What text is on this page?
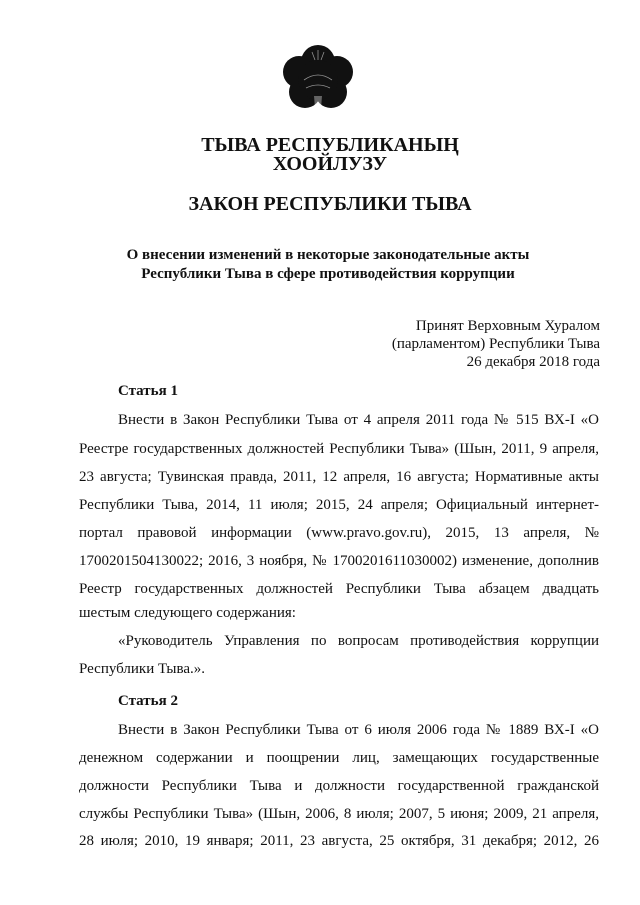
ТЫВА РЕСПУБЛИКАНЫҢ
ХООЙЛУЗУ
ЗАКОН РЕСПУБЛИКИ ТЫВА
О внесении изменений в некоторые законодательные акты
Республики Тыва в сфере противодействия коррупции
Принят Верховным Хуралом
(парламентом) Республики Тыва
26 декабря 2018 года
Статья 1
Внести в Закон Республики Тыва от 4 апреля 2011 года № 515 ВХ-I «О
Реестре государственных должностей Республики Тыва» (Шын, 2011, 9 апреля,
23 августа; Тувинская правда, 2011, 12 апреля, 16 августа; Нормативные акты
Республики Тыва, 2014, 11 июля; 2015, 24 апреля; Официальный интернет-
портал правовой информации (www.pravo.gov.ru), 2015, 13 апреля, №
1700201504130022; 2016, 3 ноября, № 1700201611030002) изменение, дополнив
Реестр государственных должностей Республики Тыва абзацем двадцать
шестым следующего содержания:
«Руководитель Управления по вопросам противодействия коррупции
Республики Тыва.».
Статья 2
Внести в Закон Республики Тыва от 6 июля 2006 года № 1889 ВХ-I «О
денежном содержании и поощрении лиц, замещающих государственные
должности Республики Тыва и должности государственной гражданской
службы Республики Тыва» (Шын, 2006, 8 июля; 2007, 5 июня; 2009, 21 апреля,
28 июля; 2010, 19 января; 2011, 23 августа, 25 октября, 31 декабря; 2012, 26
